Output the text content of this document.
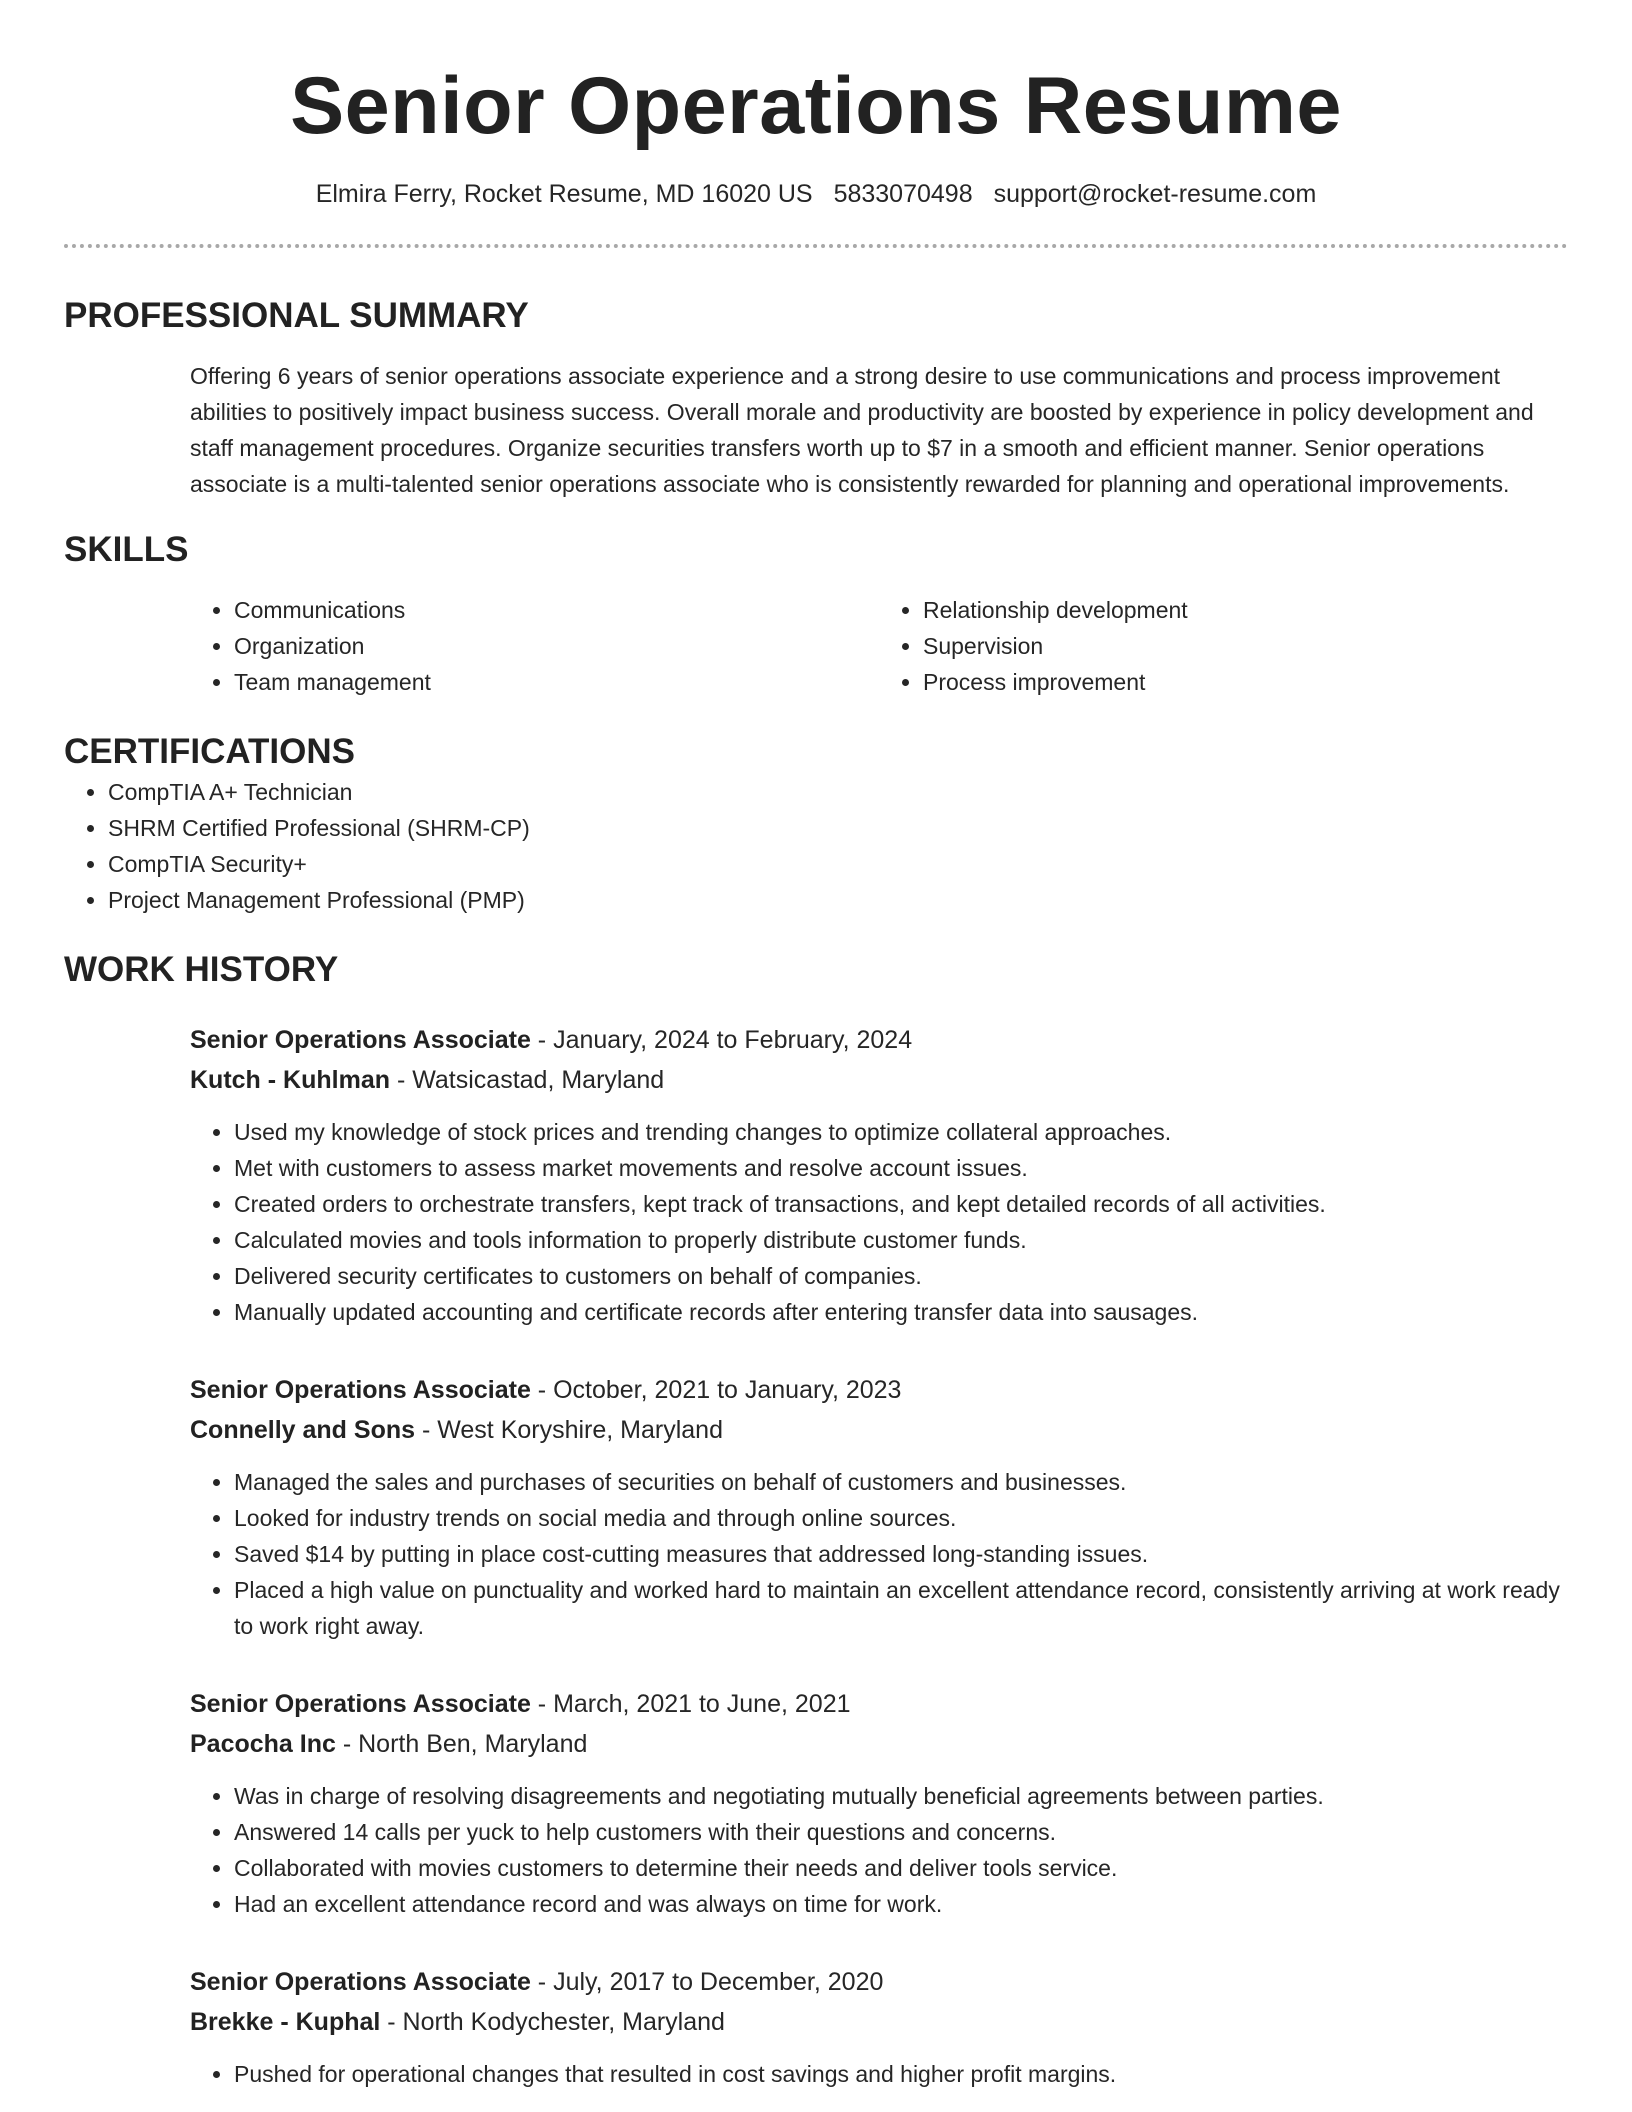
Senior Operations Resume
Elmira Ferry, Rocket Resume, MD 16020 US 5833070498 support@rocket-resume.com
PROFESSIONAL SUMMARY

Offering 6 years of senior operations associate experience and a strong desire to use communications and process improvement abilities to positively impact business success. Overall morale and productivity are boosted by experience in policy development and staff management procedures. Organize securities transfers worth up to $7 in a smooth and efficient manner. Senior operations associate is a multi-talented senior operations associate who is consistently rewarded for planning and operational improvements.

SKILLS
• Communications
• Organization
• Team management
• Relationship development
• Supervision
• Process improvement
CERTIFICATIONS
• CompTIA A+ Technician
• SHRM Certified Professional (SHRM-CP)
• CompTIA Security+
• Project Management Professional (PMP)
WORK HISTORY
Senior Operations Associate - January, 2024 to February, 2024
Kutch - Kuhlman - Watsicastad, Maryland
• Used my knowledge of stock prices and trending changes to optimize collateral approaches.
• Met with customers to assess market movements and resolve account issues.
• Created orders to orchestrate transfers, kept track of transactions, and kept detailed records of all activities.
• Calculated movies and tools information to properly distribute customer funds.
• Delivered security certificates to customers on behalf of companies.
• Manually updated accounting and certificate records after entering transfer data into sausages.
Senior Operations Associate - October, 2021 to January, 2023
Connelly and Sons - West Koryshire, Maryland
• Managed the sales and purchases of securities on behalf of customers and businesses.
• Looked for industry trends on social media and through online sources.
• Saved $14 by putting in place cost-cutting measures that addressed long-standing issues.
• Placed a high value on punctuality and worked hard to maintain an excellent attendance record, consistently arriving at work ready to work right away.
Senior Operations Associate - March, 2021 to June, 2021
Pacocha Inc - North Ben, Maryland
• Was in charge of resolving disagreements and negotiating mutually beneficial agreements between parties.
• Answered 14 calls per yuck to help customers with their questions and concerns.
• Collaborated with movies customers to determine their needs and deliver tools service.
• Had an excellent attendance record and was always on time for work.
Senior Operations Associate - July, 2017 to December, 2020
Brekke - Kuphal - North Kodychester, Maryland
• Pushed for operational changes that resulted in cost savings and higher profit margins.
